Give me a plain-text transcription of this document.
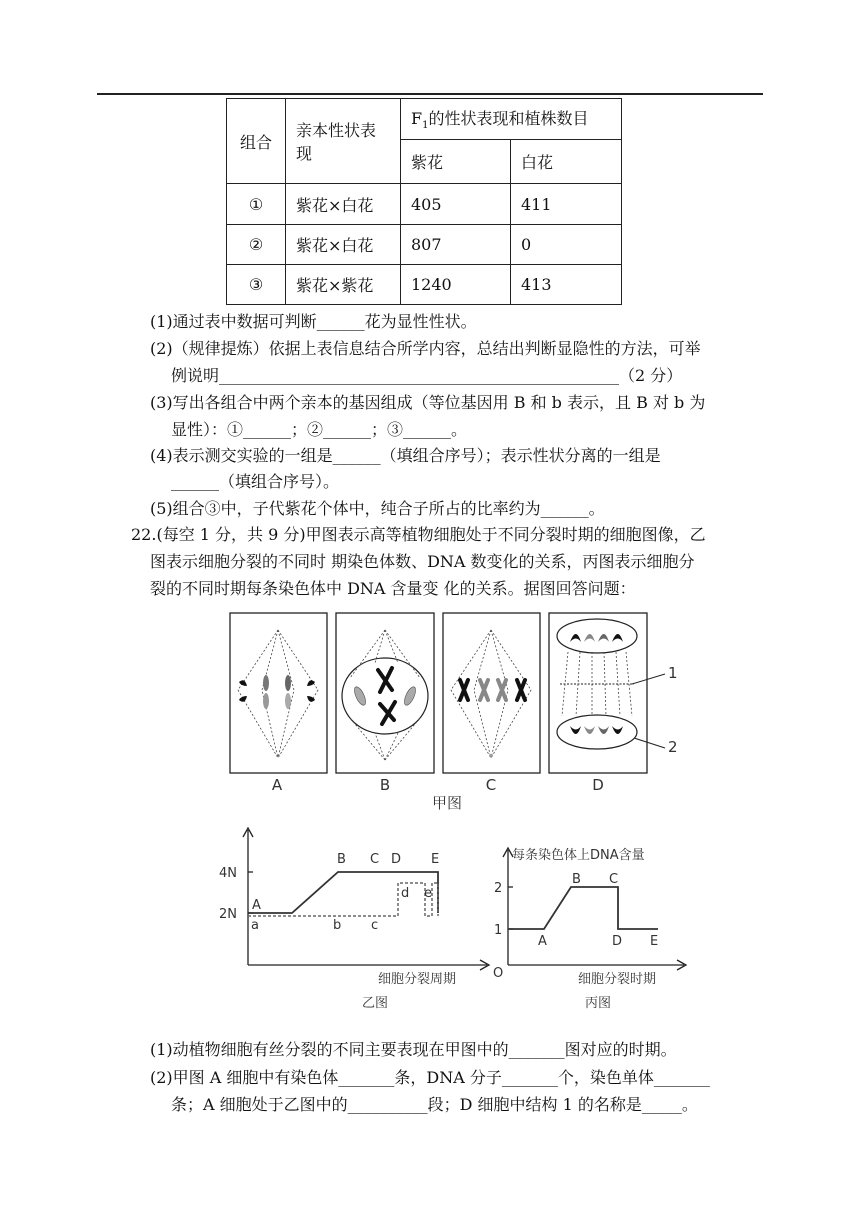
组合	亲本性状表现	$F_1$的性状表现和植株数目	
		紫花	白花
①	紫花×白花	405	411
②	紫花×白花	807	0
③	紫花×紫花	1240	413
(1)通过表中数据可判断______花为显性性状。
(2)（规律提炼）依据上表信息结合所学内容，总结出判断显隐性的方法，可举
例说明__________________________________________________（2 分）
(3)写出各组合中两个亲本的基因组成（等位基因用 B 和 b 表示，且 B 对 b 为
显性）：①______；②______；③______。
(4)表示测交实验的一组是______（填组合序号）；表示性状分离的一组是
______（填组合序号）。
(5)组合③中，子代紫花个体中，纯合子所占的比率约为______。
22.(每空 1 分，共 9 分)甲图表示高等植物细胞处于不同分裂时期的细胞图像，乙
图表示细胞分裂的不同时 期染色体数、DNA 数变化的关系，丙图表示细胞分
裂的不同时期每条染色体中 DNA 含量变 化的关系。据图回答问题：
1
2
A	B	C	D
甲图
4N
2N
A
B C D E
a	b c
d e
细胞分裂周期
乙图
每条染色体上DNA含量
2
1
O
A
B C
D E
细胞分裂时期
丙图
(1)动植物细胞有丝分裂的不同主要表现在甲图中的_______图对应的时期。
(2)甲图 A 细胞中有染色体_______条，DNA 分子_______个，染色单体_______
条；A 细胞处于乙图中的__________段；D 细胞中结构 1 的名称是_____。
